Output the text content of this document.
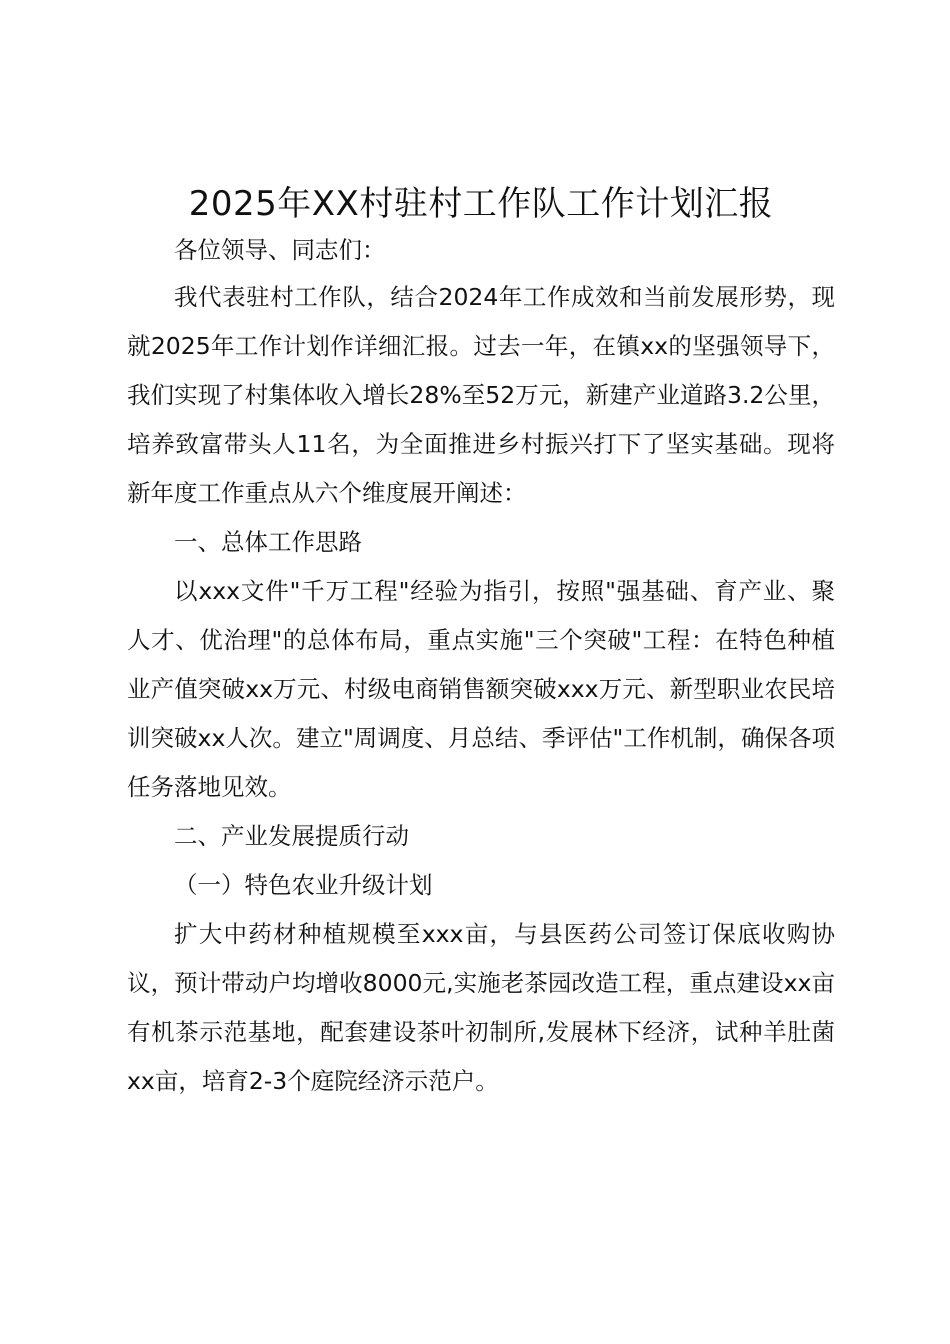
2025年XX村驻村工作队工作计划汇报

各位领导、同志们：

我代表驻村工作队，结合2024年工作成效和当前发展形势，现就2025年工作计划作详细汇报。过去一年，在镇xx的坚强领导下，我们实现了村集体收入增长28%至52万元，新建产业道路3.2公里，培养致富带头人11名，为全面推进乡村振兴打下了坚实基础。现将新年度工作重点从六个维度展开阐述：

一、总体工作思路

以xxx文件"千万工程"经验为指引，按照"强基础、育产业、聚人才、优治理"的总体布局，重点实施"三个突破"工程：在特色种植业产值突破xx万元、村级电商销售额突破xxx万元、新型职业农民培训突破xx人次。建立"周调度、月总结、季评估"工作机制，确保各项任务落地见效。

二、产业发展提质行动

（一）特色农业升级计划

扩大中药材种植规模至xxx亩，与县医药公司签订保底收购协议，预计带动户均增收8000元,实施老茶园改造工程，重点建设xx亩有机茶示范基地，配套建设茶叶初制所,发展林下经济，试种羊肚菌xx亩，培育2-3个庭院经济示范户。
